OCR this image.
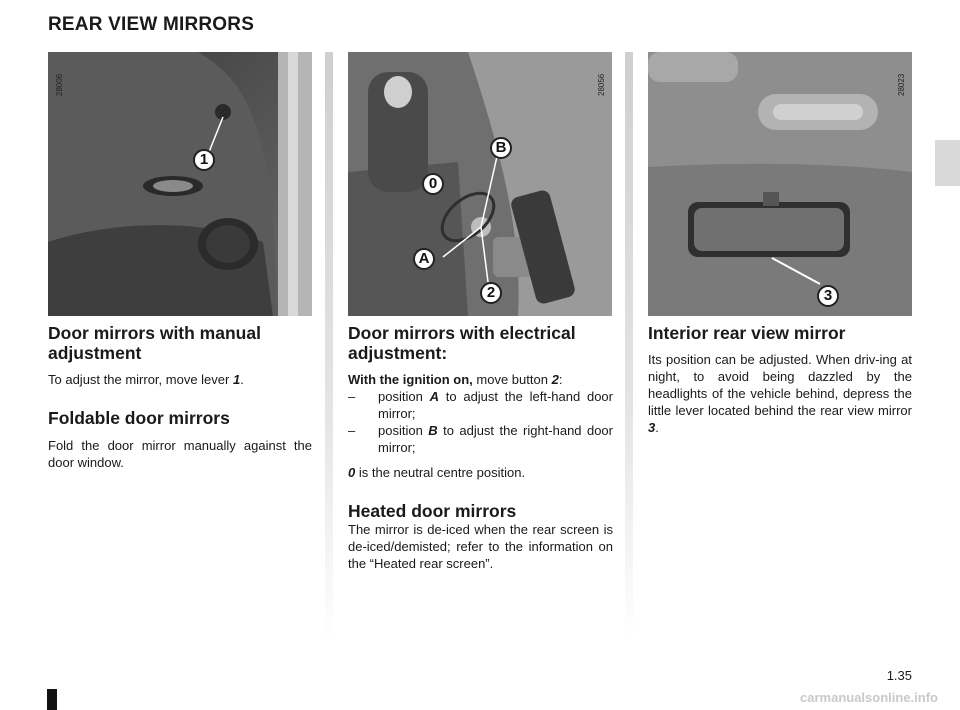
REAR VIEW MIRRORS
28006
1
28056
B
0
A
2
28023
3
Door mirrors with manual adjustment

To adjust the mirror, move lever 1.

Foldable door mirrors

Fold the door mirror manually against the door window.

Door mirrors with electrical adjustment:

With the ignition on, move button 2:

– position A to adjust the left-hand door mirror;

– position B to adjust the right-hand door mirror;

0 is the neutral centre position.

Heated door mirrors

The mirror is de-iced when the rear screen is de-iced/demisted; refer to the information on the “Heated rear screen”.

Interior rear view mirror

Its position can be adjusted. When driv-ing at night, to avoid being dazzled by the headlights of the vehicle behind, depress the little lever located behind the rear view mirror 3.

1.35
carmanualsonline.info
